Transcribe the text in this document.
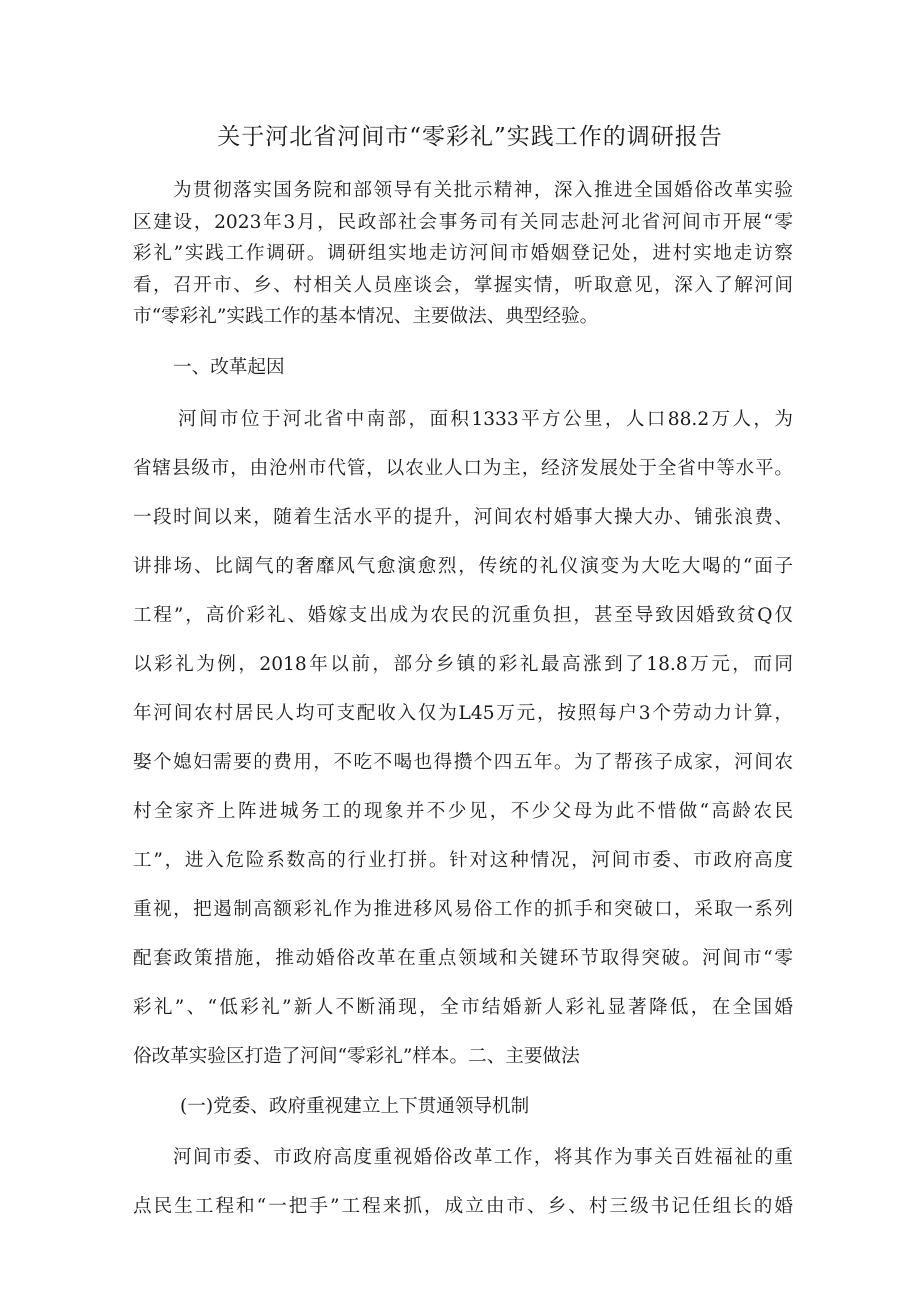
关于河北省河间市“零彩礼”实践工作的调研报告
为贯彻落实国务院和部领导有关批示精神，深入推进全国婚俗改革实验
区建设，2023年3月，民政部社会事务司有关同志赴河北省河间市开展“零
彩礼”实践工作调研。调研组实地走访河间市婚姻登记处，进村实地走访察
看，召开市、乡、村相关人员座谈会，掌握实情，听取意见，深入了解河间
市“零彩礼”实践工作的基本情况、主要做法、典型经验。
一、改革起因
河间市位于河北省中南部，面积1333平方公里，人口88.2万人，为
省辖县级市，由沧州市代管，以农业人口为主，经济发展处于全省中等水平。
一段时间以来，随着生活水平的提升，河间农村婚事大操大办、铺张浪费、
讲排场、比阔气的奢靡风气愈演愈烈，传统的礼仪演变为大吃大喝的“面子
工程”，高价彩礼、婚嫁支出成为农民的沉重负担，甚至导致因婚致贫Q仅
以彩礼为例，2018年以前，部分乡镇的彩礼最高涨到了18.8万元，而同
年河间农村居民人均可支配收入仅为L45万元，按照每户3个劳动力计算，
娶个媳妇需要的费用，不吃不喝也得攒个四五年。为了帮孩子成家，河间农
村全家齐上阵进城务工的现象并不少见，不少父母为此不惜做“高龄农民
工”，进入危险系数高的行业打拼。针对这种情况，河间市委、市政府高度
重视，把遏制高额彩礼作为推进移风易俗工作的抓手和突破口，采取一系列
配套政策措施，推动婚俗改革在重点领域和关键环节取得突破。河间市“零
彩礼”、“低彩礼”新人不断涌现，全市结婚新人彩礼显著降低，在全国婚
俗改革实验区打造了河间“零彩礼”样本。二、主要做法
(一)党委、政府重视建立上下贯通领导机制
河间市委、市政府高度重视婚俗改革工作，将其作为事关百姓福祉的重
点民生工程和“一把手”工程来抓，成立由市、乡、村三级书记任组长的婚
